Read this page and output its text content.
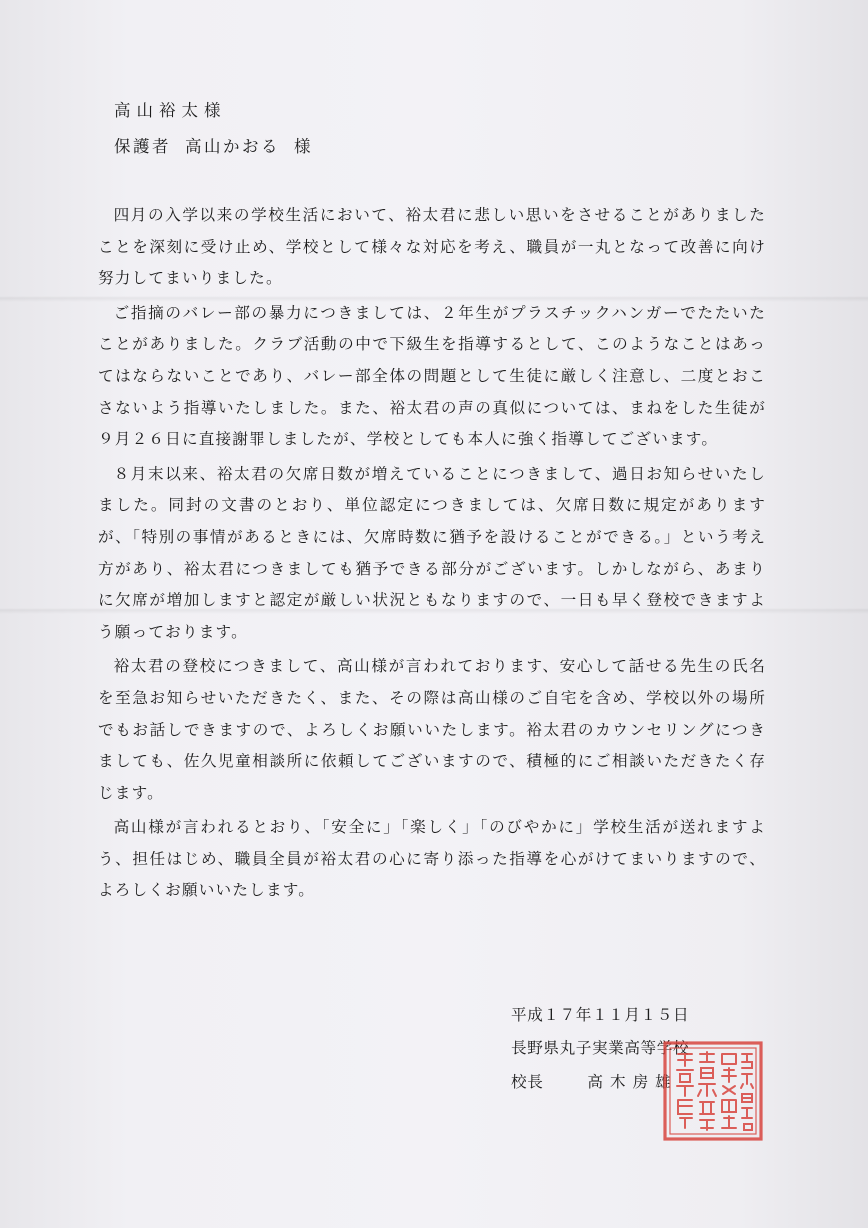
高山裕太様
保護者 高山かおる 様

四月の入学以来の学校生活において、裕太君に悲しい思いをさせることがありましたことを深刻に受け止め、学校として様々な対応を考え、職員が一丸となって改善に向け努力してまいりました。

ご指摘のバレー部の暴力につきましては、２年生がプラスチックハンガーでたたいたことがありました。クラブ活動の中で下級生を指導するとして、このようなことはあってはならないことであり、バレー部全体の問題として生徒に厳しく注意し、二度とおこさないよう指導いたしました。また、裕太君の声の真似については、まねをした生徒が９月２６日に直接謝罪しましたが、学校としても本人に強く指導してございます。

８月末以来、裕太君の欠席日数が増えていることにつきまして、過日お知らせいたしました。同封の文書のとおり、単位認定につきましては、欠席日数に規定がありますが、「特別の事情があるときには、欠席時数に猶予を設けることができる。」という考え方があり、裕太君につきましても猶予できる部分がございます。しかしながら、あまりに欠席が増加しますと認定が厳しい状況ともなりますので、一日も早く登校できますよう願っております。

裕太君の登校につきまして、高山様が言われております、安心して話せる先生の氏名を至急お知らせいただきたく、また、その際は高山様のご自宅を含め、学校以外の場所でもお話しできますので、よろしくお願いいたします。裕太君のカウンセリングにつきましても、佐久児童相談所に依頼してございますので、積極的にご相談いただきたく存じます。

高山様が言われるとおり、「安全に」「楽しく」「のびやかに」学校生活が送れますよう、担任はじめ、職員全員が裕太君の心に寄り添った指導を心がけてまいりますので、よろしくお願いいたします。

平成１７年１１月１５日
長野県丸子実業高等学校
校長	高木房雄
